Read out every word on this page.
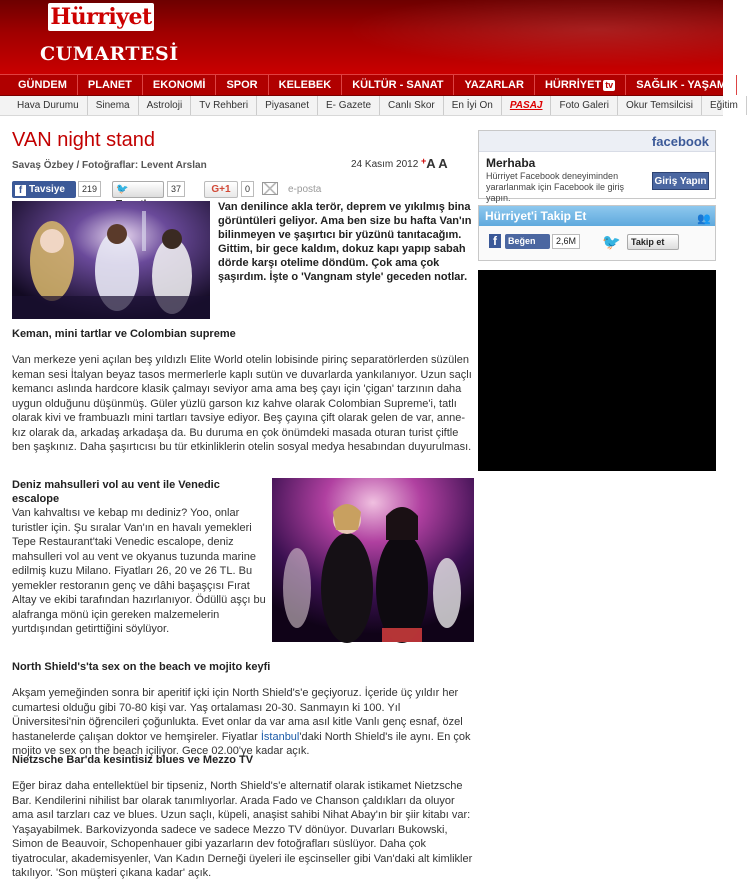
Hürriyet
CUMARTESİ
GÜNDEM	PLANET	EKONOMİ	SPOR	KELEBEK	KÜLTÜR - SANAT	YAZARLAR	HÜRRİYET tv	SAĞLIK - YAŞAM
Hava Durumu	Sinema	Astroloji	Tv Rehberi	Piyasanet	E- Gazete	Canlı Skor	En İyi On	PASAJ	Foto Galeri	Okur Temsilcisi	Eğitim
VAN night stand
Savaş Özbey / Fotoğraflar: Levent Arslan	24 Kasım 2012 +A A
f Tavsiye	219	🐦	37	G+1	0	e-posta
Van denilince akla terör, deprem ve yıkılmış bina görüntüleri geliyor. Ama ben size bu hafta Van'ın bilinmeyen ve şaşırtıcı bir yüzünü tanıtacağım. Gittim, bir gece kaldım, dokuz kapı yapıp sabah dörde karşı otelime döndüm. Çok ama çok şaşırdım. İşte o 'Vangnam style' geceden notlar.
Keman, mini tartlar ve Colombian supreme
Van merkeze yeni açılan beş yıldızlı Elite World otelin lobisinde pirinç separatörlerden süzülen keman sesi İtalyan beyaz tasos mermerlerle kaplı sutün ve duvarlarda yankılanıyor. Uzun saçlı kemancı aslında hardcore klasik çalmayı seviyor ama ama beş çayı için 'çigan' tarzının daha uygun olduğunu düşünmüş. Güler yüzlü garson kız kahve olarak Colombian Supreme'i, tatlı olarak kivi ve frambuazlı mini tartları tavsiye ediyor. Beş çayına çift olarak gelen de var, anne-kız olarak da, arkadaş arkadaşa da. Bu duruma en çok önümdeki masada oturan turist çiftle ben şaşkınız. Daha şaşırtıcısı bu tür etkinliklerin otelin sosyal medya hesabından duyurulması.
Deniz mahsulleri vol au vent ile Venedic escalope
Van kahvaltısı ve kebap mı dediniz? Yoo, onlar turistler için. Şu sıralar Van'ın en havalı yemekleri Tepe Restaurant'taki Venedic escalope, deniz mahsulleri vol au vent ve okyanus tuzunda marine edilmiş kuzu Milano. Fiyatları 26, 20 ve 26 TL. Bu yemekler restoranın genç ve dâhi başaşçısı Fırat Altay ve ekibi tarafından hazırlanıyor. Ödüllü aşçı bu alafranga mönü için gereken malzemelerin yurtdışından getirttiğini söylüyor.
North Shield's'ta sex on the beach ve mojito keyfi
Akşam yemeğinden sonra bir aperitif içki için North Shield's'e geçiyoruz. İçeride üç yıldır her cumartesi olduğu gibi 70-80 kişi var. Yaş ortalaması 20-30. Sanmayın ki 100. Yıl Üniversitesi'nin öğrencileri çoğunlukta. Evet onlar da var ama asıl kitle Vanlı genç esnaf, özel hastanelerde çalışan doktor ve hemşireler. Fiyatlar İstanbul'daki North Shield's ile aynı. En çok mojito ve sex on the beach içiliyor. Gece 02.00'ye kadar açık.
Nietzsche Bar'da kesintisiz blues ve Mezzo TV
Eğer biraz daha entellektüel bir tipseniz, North Shield's'e alternatif olarak istikamet Nietzsche Bar. Kendilerini nihilist bar olarak tanımlıyorlar. Arada Fado ve Chanson çaldıkları da oluyor ama asıl tarzları caz ve blues. Uzun saçlı, küpeli, anaşist sahibi Nihat Abay'ın bir şiir kitabı var: Yaşayabilmek. Barkovizyonda sadece ve sadece Mezzo TV dönüyor. Duvarları Bukowski, Simon de Beauvoir, Schopenhauer gibi yazarların dev fotoğrafları süslüyor. Daha çok tiyatrocular, akademisyenler, Van Kadın Derneği üyeleri ile eşcinseller gibi Van'daki alt kimlikler takılıyor. 'Son müşteri çıkana kadar' açık.
facebook
Merhaba
Hürriyet Facebook deneyiminden yararlanmak için Facebook ile giriş yapın.
Giriş Yapın
Hürriyet'i Takip Et	👥
f	Beğen	2,6M 🐦	Takip et
